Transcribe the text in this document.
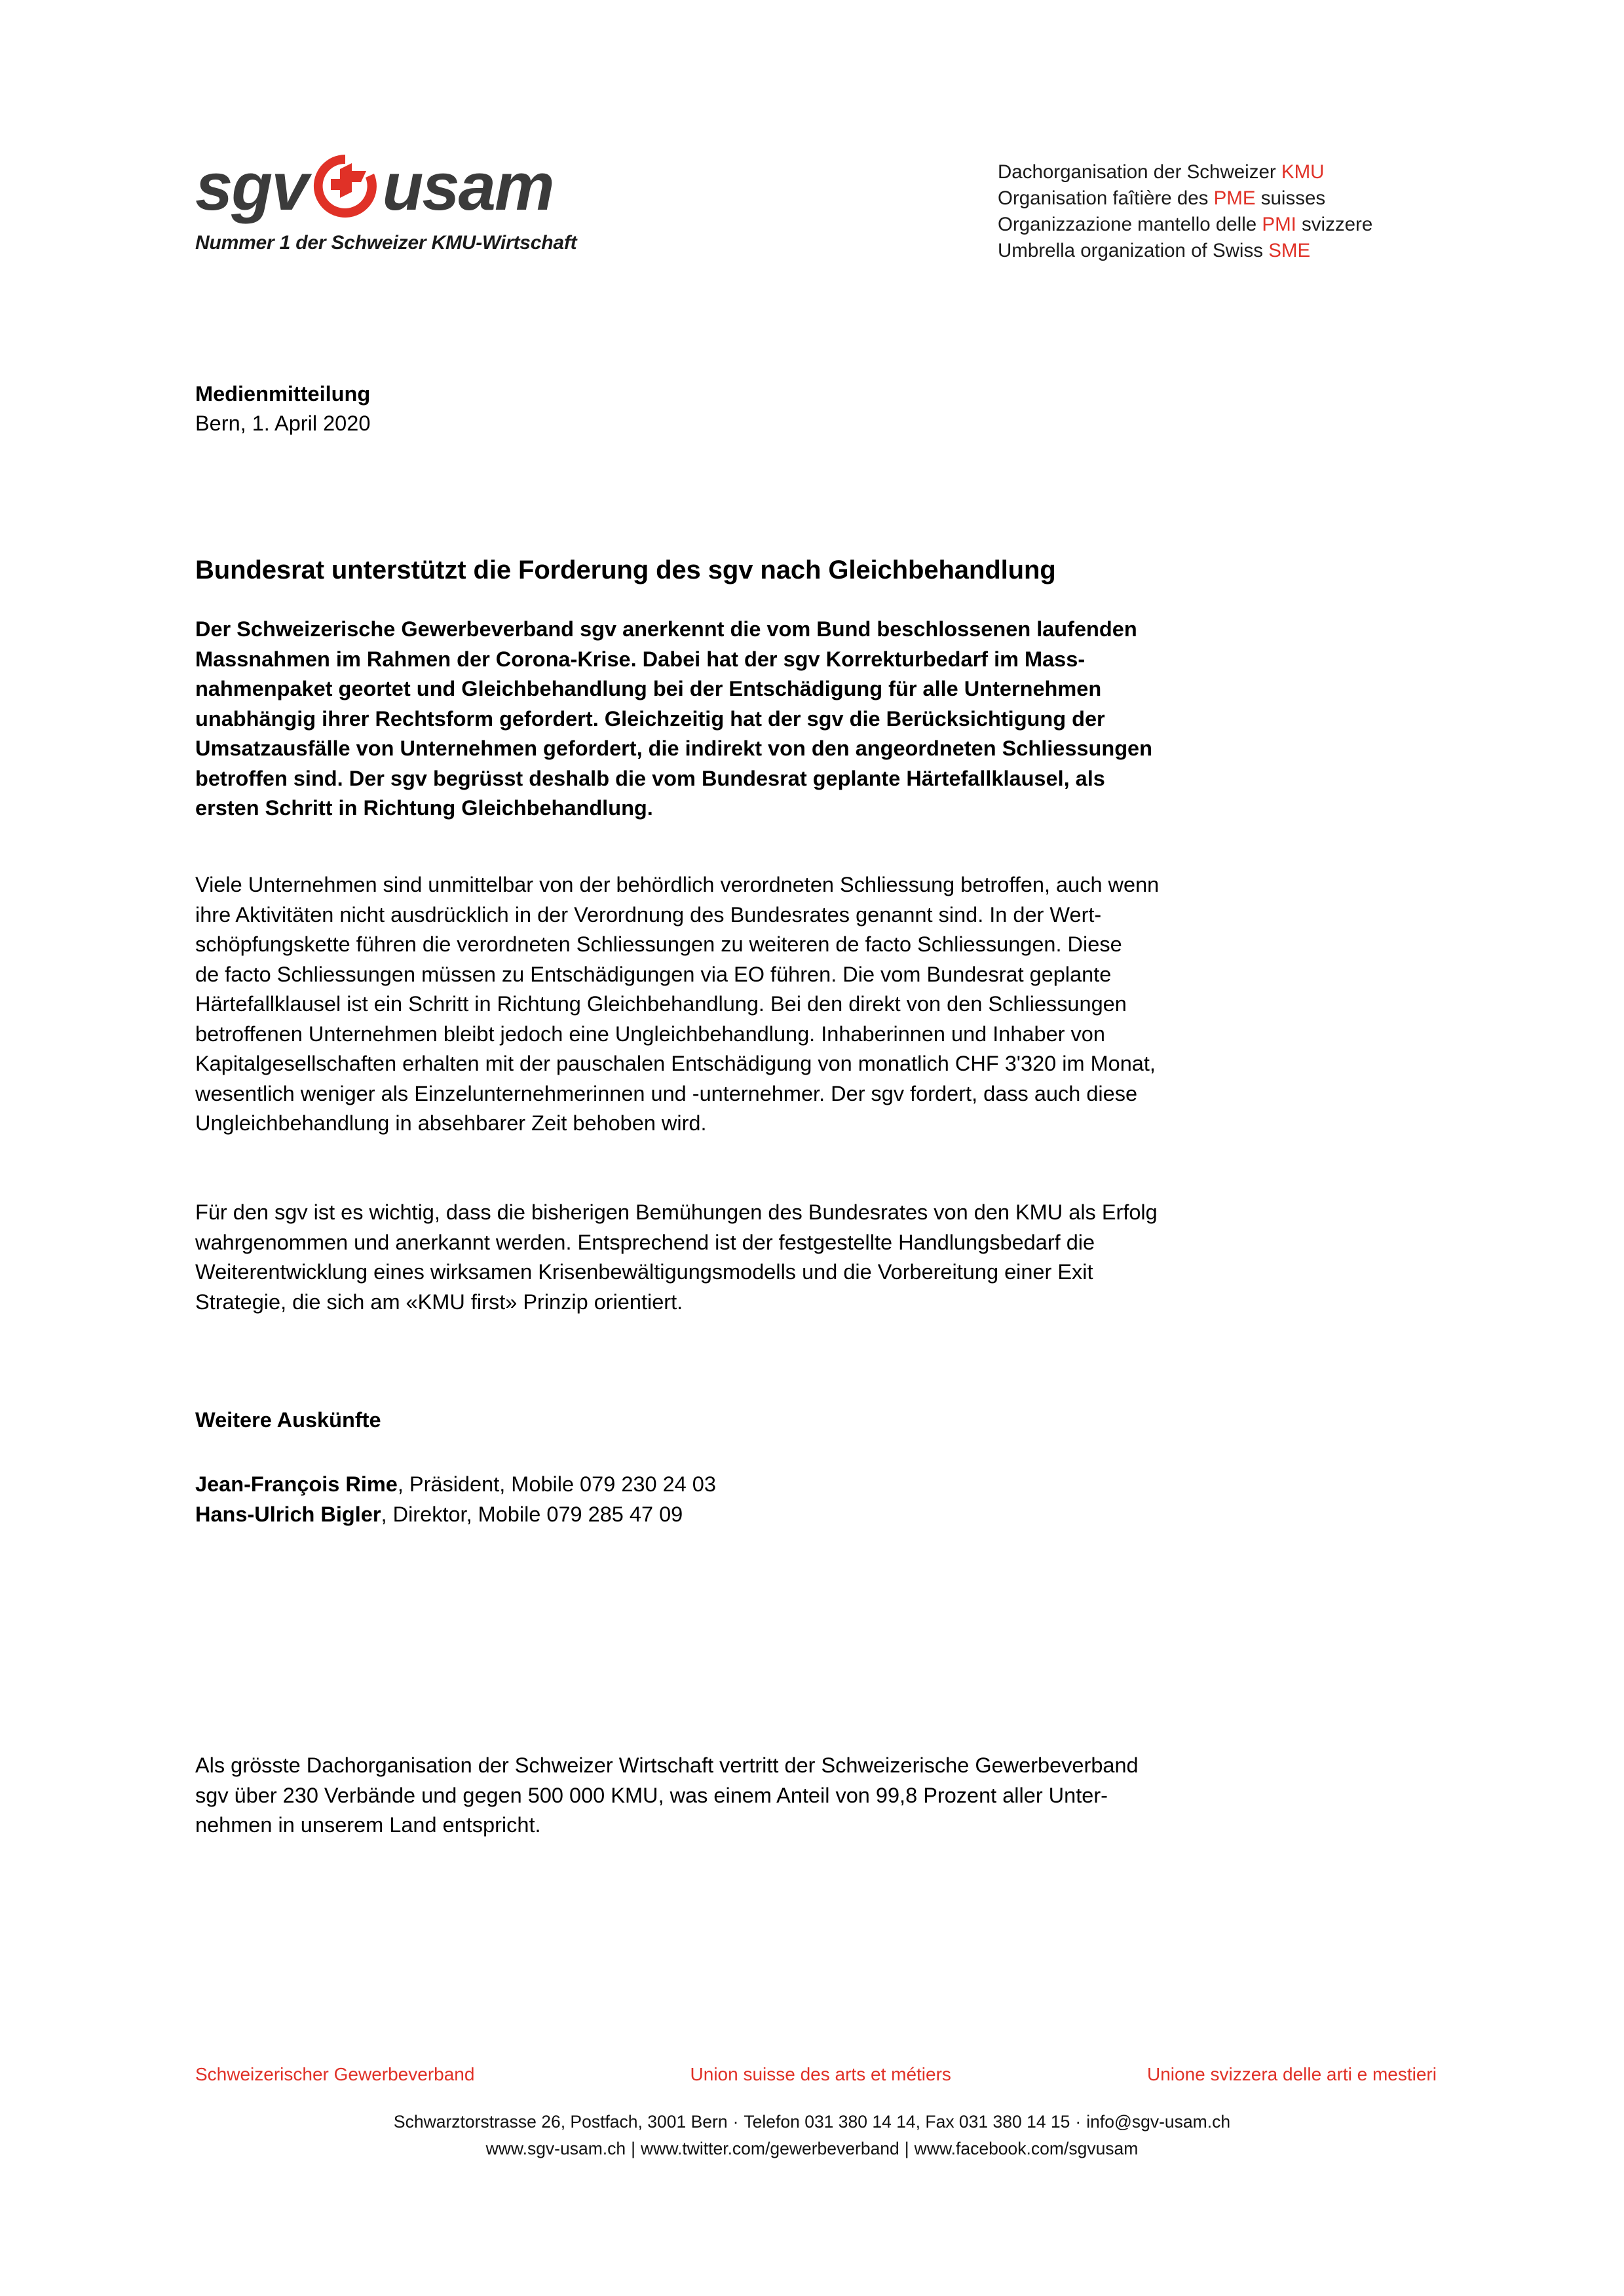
sgv usam
Nummer 1 der Schweizer KMU-Wirtschaft
Dachorganisation der Schweizer KMU
Organisation faîtière des PME suisses
Organizzazione mantello delle PMI svizzere
Umbrella organization of Swiss SME
Medienmitteilung
Bern, 1. April 2020
Bundesrat unterstützt die Forderung des sgv nach Gleichbehandlung
Der Schweizerische Gewerbeverband sgv anerkennt die vom Bund beschlossenen laufenden
Massnahmen im Rahmen der Corona-Krise. Dabei hat der sgv Korrekturbedarf im Mass-
nahmenpaket geortet und Gleichbehandlung bei der Entschädigung für alle Unternehmen
unabhängig ihrer Rechtsform gefordert. Gleichzeitig hat der sgv die Berücksichtigung der
Umsatzausfälle von Unternehmen gefordert, die indirekt von den angeordneten Schliessungen
betroffen sind. Der sgv begrüsst deshalb die vom Bundesrat geplante Härtefallklausel, als
ersten Schritt in Richtung Gleichbehandlung.
Viele Unternehmen sind unmittelbar von der behördlich verordneten Schliessung betroffen, auch wenn
ihre Aktivitäten nicht ausdrücklich in der Verordnung des Bundesrates genannt sind. In der Wert-
schöpfungskette führen die verordneten Schliessungen zu weiteren de facto Schliessungen. Diese
de facto Schliessungen müssen zu Entschädigungen via EO führen. Die vom Bundesrat geplante
Härtefallklausel ist ein Schritt in Richtung Gleichbehandlung. Bei den direkt von den Schliessungen
betroffenen Unternehmen bleibt jedoch eine Ungleichbehandlung. Inhaberinnen und Inhaber von
Kapitalgesellschaften erhalten mit der pauschalen Entschädigung von monatlich CHF 3'320 im Monat,
wesentlich weniger als Einzelunternehmerinnen und -unternehmer. Der sgv fordert, dass auch diese
Ungleichbehandlung in absehbarer Zeit behoben wird.
Für den sgv ist es wichtig, dass die bisherigen Bemühungen des Bundesrates von den KMU als Erfolg
wahrgenommen und anerkannt werden. Entsprechend ist der festgestellte Handlungsbedarf die
Weiterentwicklung eines wirksamen Krisenbewältigungsmodells und die Vorbereitung einer Exit
Strategie, die sich am «KMU first» Prinzip orientiert.
Weitere Auskünfte
Jean-François Rime, Präsident, Mobile 079 230 24 03
Hans-Ulrich Bigler, Direktor, Mobile 079 285 47 09
Als grösste Dachorganisation der Schweizer Wirtschaft vertritt der Schweizerische Gewerbeverband
sgv über 230 Verbände und gegen 500 000 KMU, was einem Anteil von 99,8 Prozent aller Unter-
nehmen in unserem Land entspricht.
Schweizerischer Gewerbeverband	Union suisse des arts et métiers	Unione svizzera delle arti e mestieri
Schwarztorstrasse 26, Postfach, 3001 Bern · Telefon 031 380 14 14, Fax 031 380 14 15 · info@sgv-usam.ch
www.sgv-usam.ch | www.twitter.com/gewerbeverband | www.facebook.com/sgvusam
